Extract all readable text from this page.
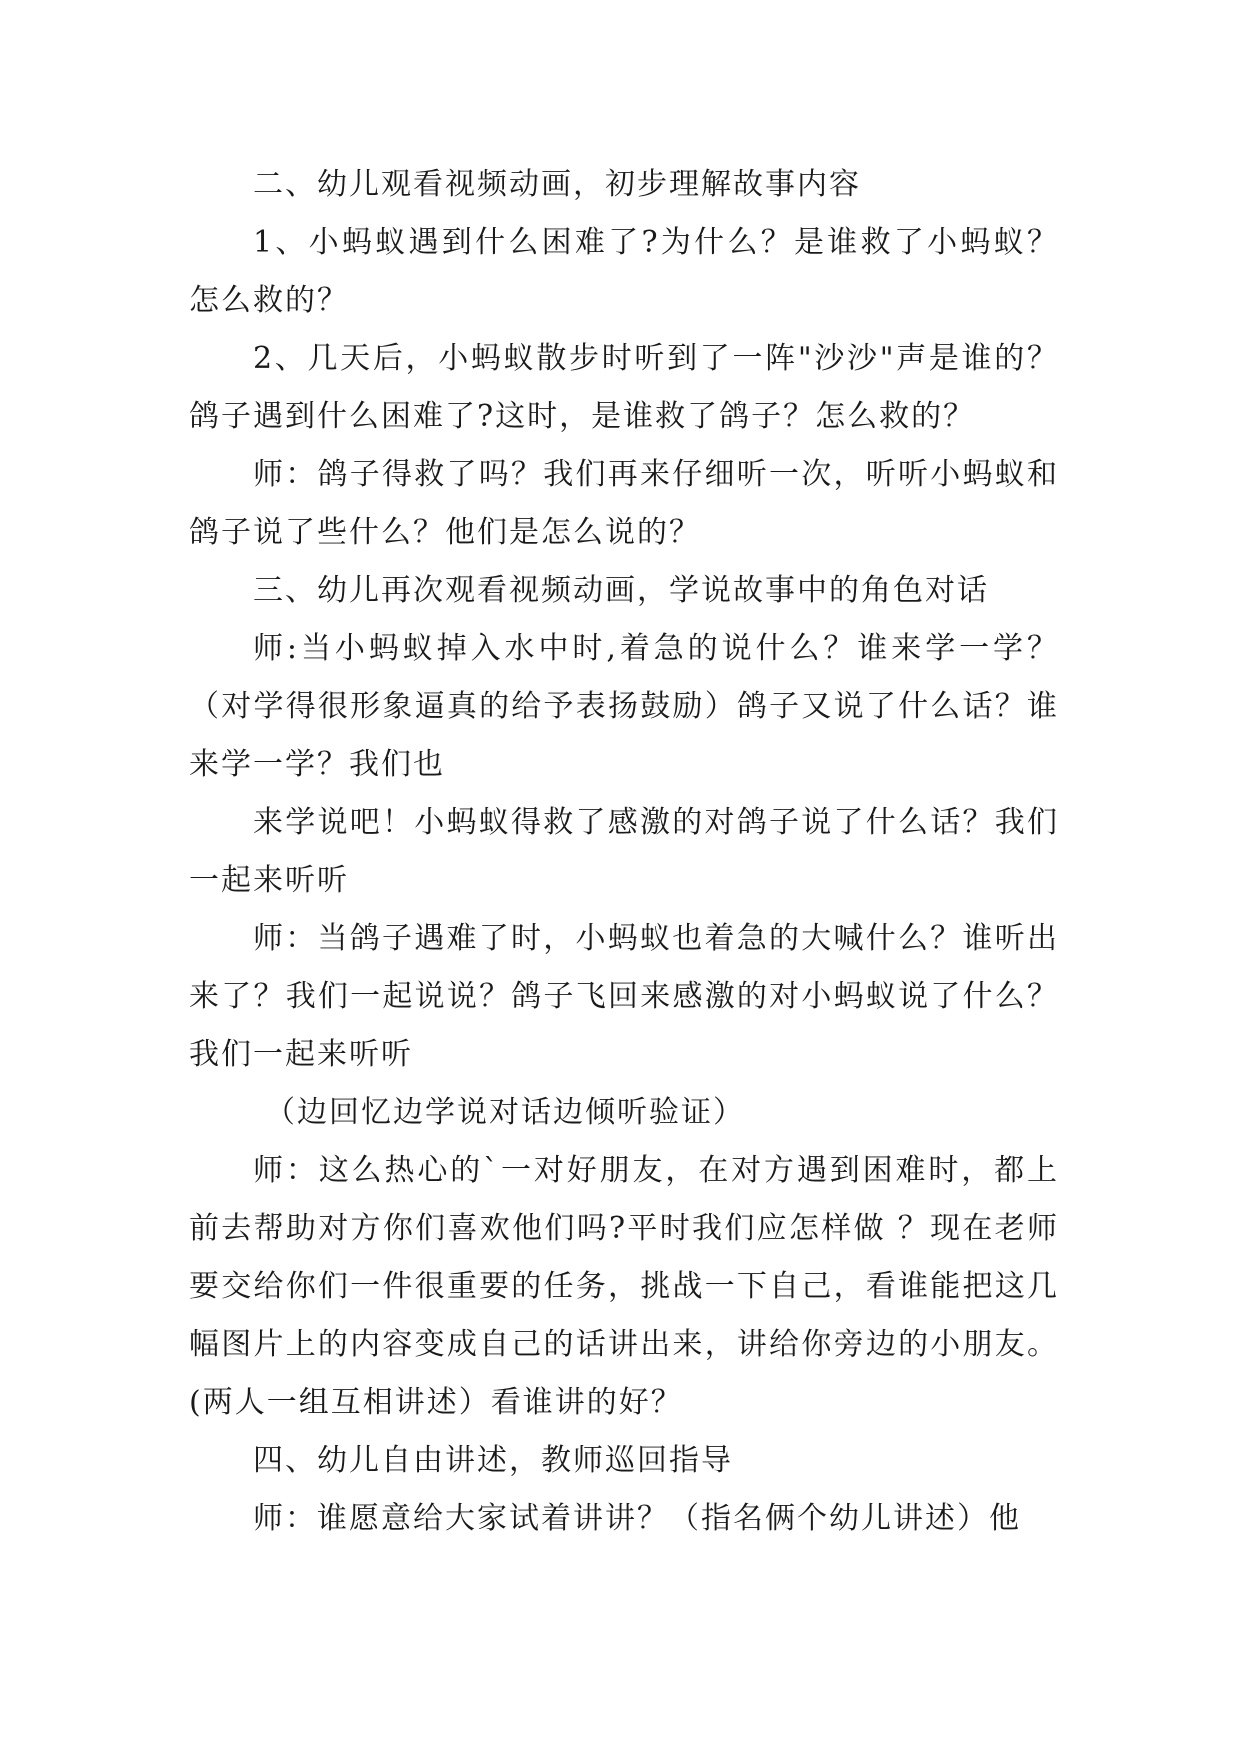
二、幼儿观看视频动画，初步理解故事内容

1、小蚂蚁遇到什么困难了?为什么？是谁救了小蚂蚁？怎么救的？

2、几天后，小蚂蚁散步时听到了一阵"沙沙"声是谁的？鸽子遇到什么困难了?这时，是谁救了鸽子？怎么救的？

师：鸽子得救了吗？我们再来仔细听一次，听听小蚂蚁和鸽子说了些什么？他们是怎么说的？

三、幼儿再次观看视频动画，学说故事中的角色对话

师:当小蚂蚁掉入水中时,着急的说什么？谁来学一学？（对学得很形象逼真的给予表扬鼓励）鸽子又说了什么话？谁来学一学？我们也

来学说吧！小蚂蚁得救了感激的对鸽子说了什么话？我们一起来听听

师：当鸽子遇难了时，小蚂蚁也着急的大喊什么？谁听出来了？我们一起说说？鸽子飞回来感激的对小蚂蚁说了什么？我们一起来听听

（边回忆边学说对话边倾听验证）

师：这么热心的`一对好朋友，在对方遇到困难时，都上前去帮助对方你们喜欢他们吗?平时我们应怎样做 ？现在老师要交给你们一件很重要的任务，挑战一下自己，看谁能把这几幅图片上的内容变成自己的话讲出来，讲给你旁边的小朋友。(两人一组互相讲述）看谁讲的好？

四、幼儿自由讲述，教师巡回指导

师：谁愿意给大家试着讲讲？（指名俩个幼儿讲述）他
